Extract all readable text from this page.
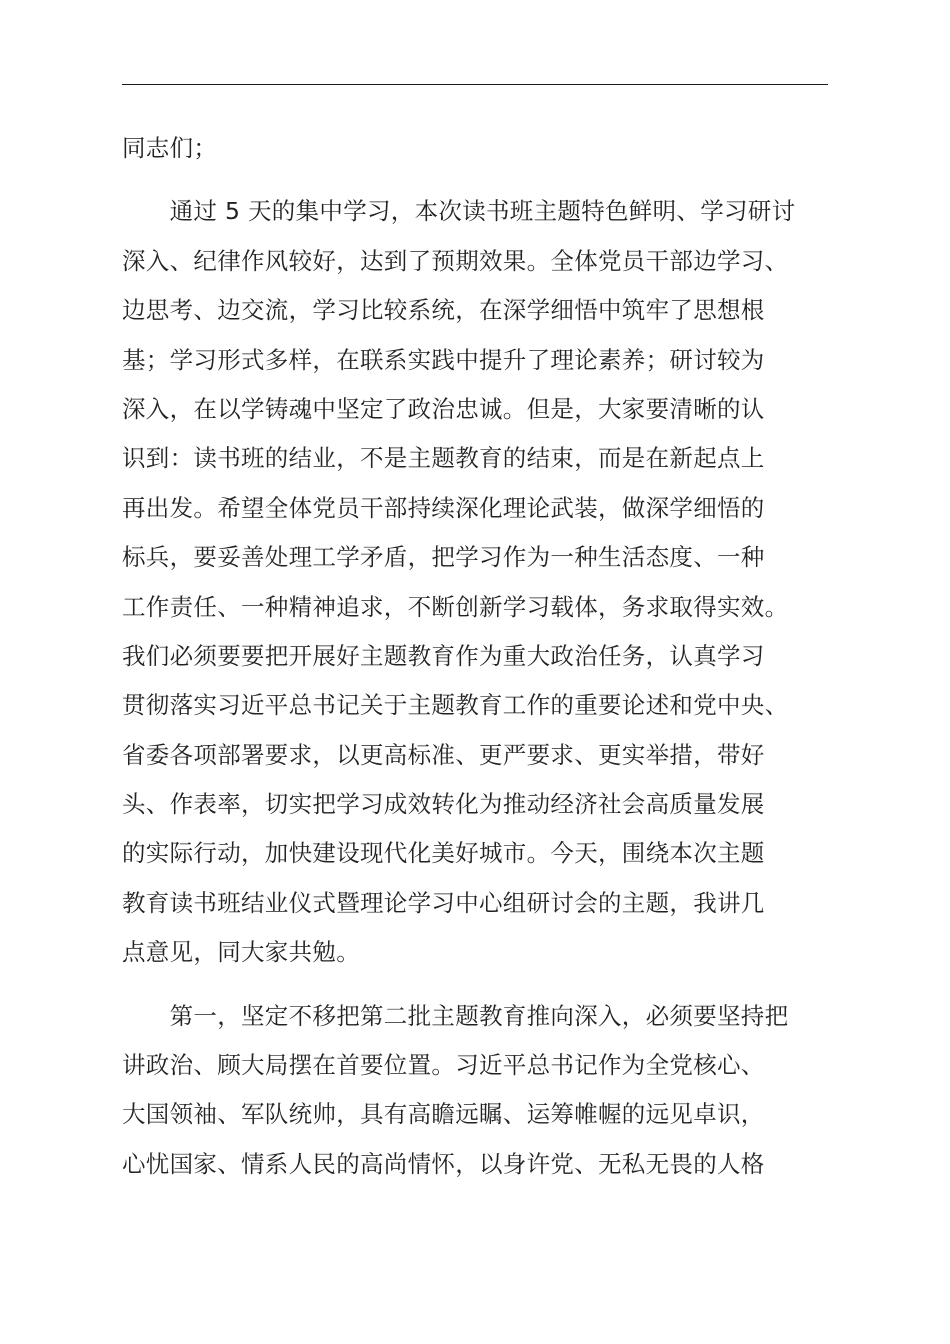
同志们；
　　通过 5 天的集中学习，本次读书班主题特色鲜明、学习研讨
深入、纪律作风较好，达到了预期效果。全体党员干部边学习、
边思考、边交流，学习比较系统，在深学细悟中筑牢了思想根
基；学习形式多样，在联系实践中提升了理论素养；研讨较为
深入，在以学铸魂中坚定了政治忠诚。但是，大家要清晰的认
识到：读书班的结业，不是主题教育的结束，而是在新起点上
再出发。希望全体党员干部持续深化理论武装，做深学细悟的
标兵，要妥善处理工学矛盾，把学习作为一种生活态度、一种
工作责任、一种精神追求，不断创新学习载体，务求取得实效。
我们必须要要把开展好主题教育作为重大政治任务，认真学习
贯彻落实习近平总书记关于主题教育工作的重要论述和党中央、
省委各项部署要求，以更高标准、更严要求、更实举措，带好
头、作表率，切实把学习成效转化为推动经济社会高质量发展
的实际行动，加快建设现代化美好城市。今天，围绕本次主题
教育读书班结业仪式暨理论学习中心组研讨会的主题，我讲几
点意见，同大家共勉。
　　第一，坚定不移把第二批主题教育推向深入，必须要坚持把
讲政治、顾大局摆在首要位置。习近平总书记作为全党核心、
大国领袖、军队统帅，具有高瞻远瞩、运筹帷幄的远见卓识，
心忧国家、情系人民的高尚情怀，以身许党、无私无畏的人格
